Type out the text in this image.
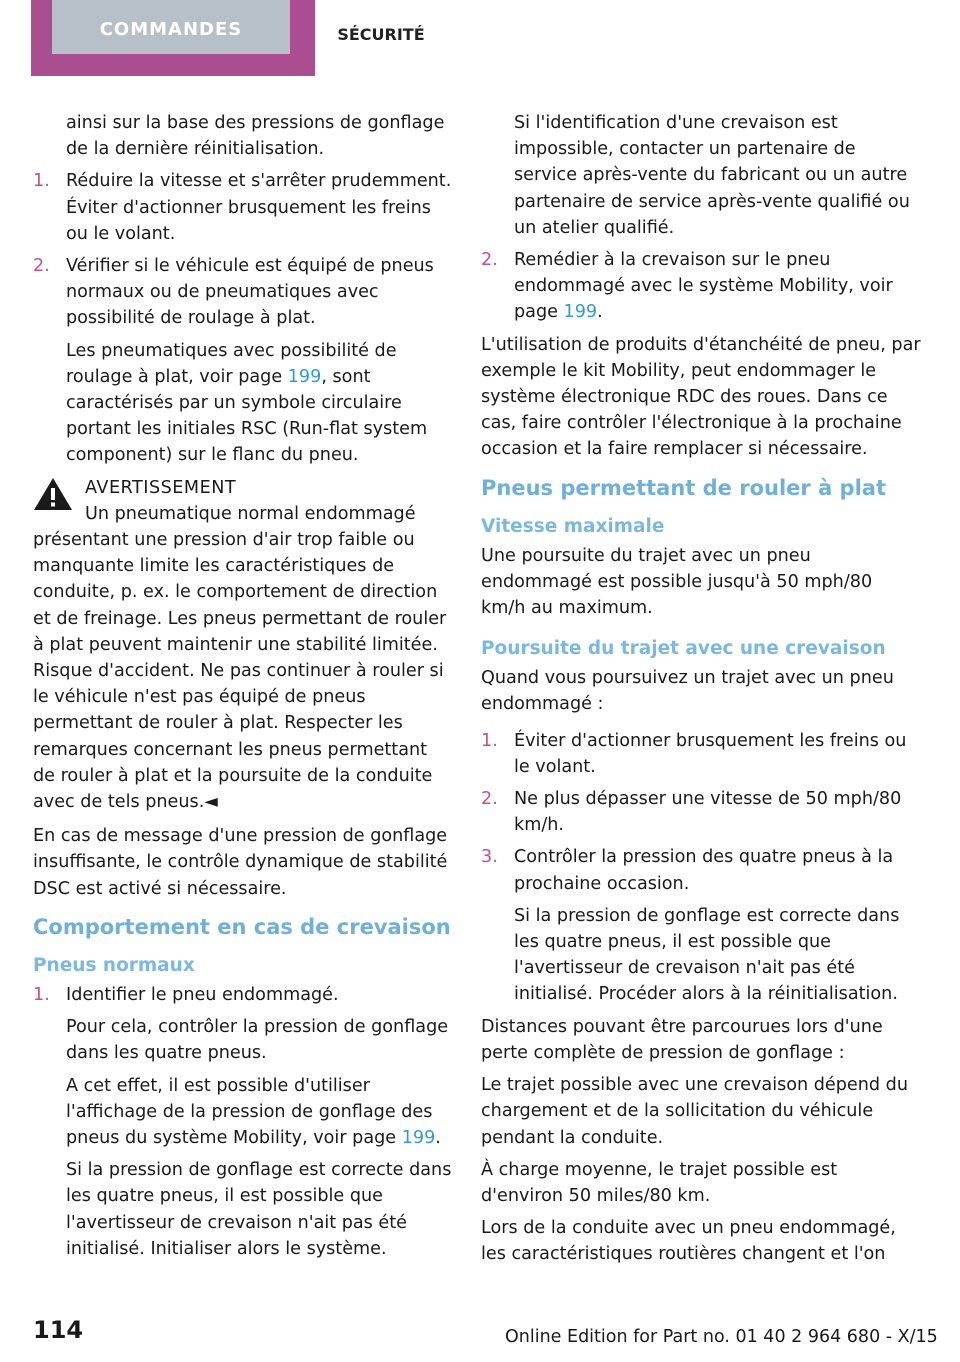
COMMANDES	SÉCURITÉ

ainsi sur la base des pressions de gonflage de la dernière réinitialisation.

1. Réduire la vitesse et s'arrêter prudemment. Éviter d'actionner brusquement les freins ou le volant.
2. Vérifier si le véhicule est équipé de pneus normaux ou de pneumatiques avec possibilité de roulage à plat.

Les pneumatiques avec possibilité de roulage à plat, voir page 199, sont caractérisés par un symbole circulaire portant les initiales RSC (Run-flat system component) sur le flanc du pneu.

AVERTISSEMENT
Un pneumatique normal endommagé
présentant une pression d'air trop faible ou manquante limite les caractéristiques de conduite, p. ex. le comportement de direction et de freinage. Les pneus permettant de rouler à plat peuvent maintenir une stabilité limitée. Risque d'accident. Ne pas continuer à rouler si le véhicule n'est pas équipé de pneus permettant de rouler à plat. Respecter les remarques concernant les pneus permettant de rouler à plat et la poursuite de la conduite avec de tels pneus.◄

En cas de message d'une pression de gonflage insuffisante, le contrôle dynamique de stabilité DSC est activé si nécessaire.

Comportement en cas de crevaison
Pneus normaux
1. Identifier le pneu endommagé.

Pour cela, contrôler la pression de gonflage dans les quatre pneus.

A cet effet, il est possible d'utiliser l'affichage de la pression de gonflage des pneus du système Mobility, voir page 199.

Si la pression de gonflage est correcte dans les quatre pneus, il est possible que l'avertisseur de crevaison n'ait pas été initialisé. Initialiser alors le système.

Si l'identification d'une crevaison est impossible, contacter un partenaire de service après-vente du fabricant ou un autre partenaire de service après-vente qualifié ou un atelier qualifié.

2. Remédier à la crevaison sur le pneu endommagé avec le système Mobility, voir page 199.

L'utilisation de produits d'étanchéité de pneu, par exemple le kit Mobility, peut endommager le système électronique RDC des roues. Dans ce cas, faire contrôler l'électronique à la prochaine occasion et la faire remplacer si nécessaire.

Pneus permettant de rouler à plat
Vitesse maximale

Une poursuite du trajet avec un pneu endommagé est possible jusqu'à 50 mph/80 km/h au maximum.

Poursuite du trajet avec une crevaison

Quand vous poursuivez un trajet avec un pneu endommagé :

1. Éviter d'actionner brusquement les freins ou le volant.
2. Ne plus dépasser une vitesse de 50 mph/80 km/h.
3. Contrôler la pression des quatre pneus à la prochaine occasion.

Si la pression de gonflage est correcte dans les quatre pneus, il est possible que l'avertisseur de crevaison n'ait pas été initialisé. Procéder alors à la réinitialisation.

Distances pouvant être parcourues lors d'une perte complète de pression de gonflage :

Le trajet possible avec une crevaison dépend du chargement et de la sollicitation du véhicule pendant la conduite.

À charge moyenne, le trajet possible est d'environ 50 miles/80 km.

Lors de la conduite avec un pneu endommagé, les caractéristiques routières changent et l'on

114	Online Edition for Part no. 01 40 2 964 680 - X/15
